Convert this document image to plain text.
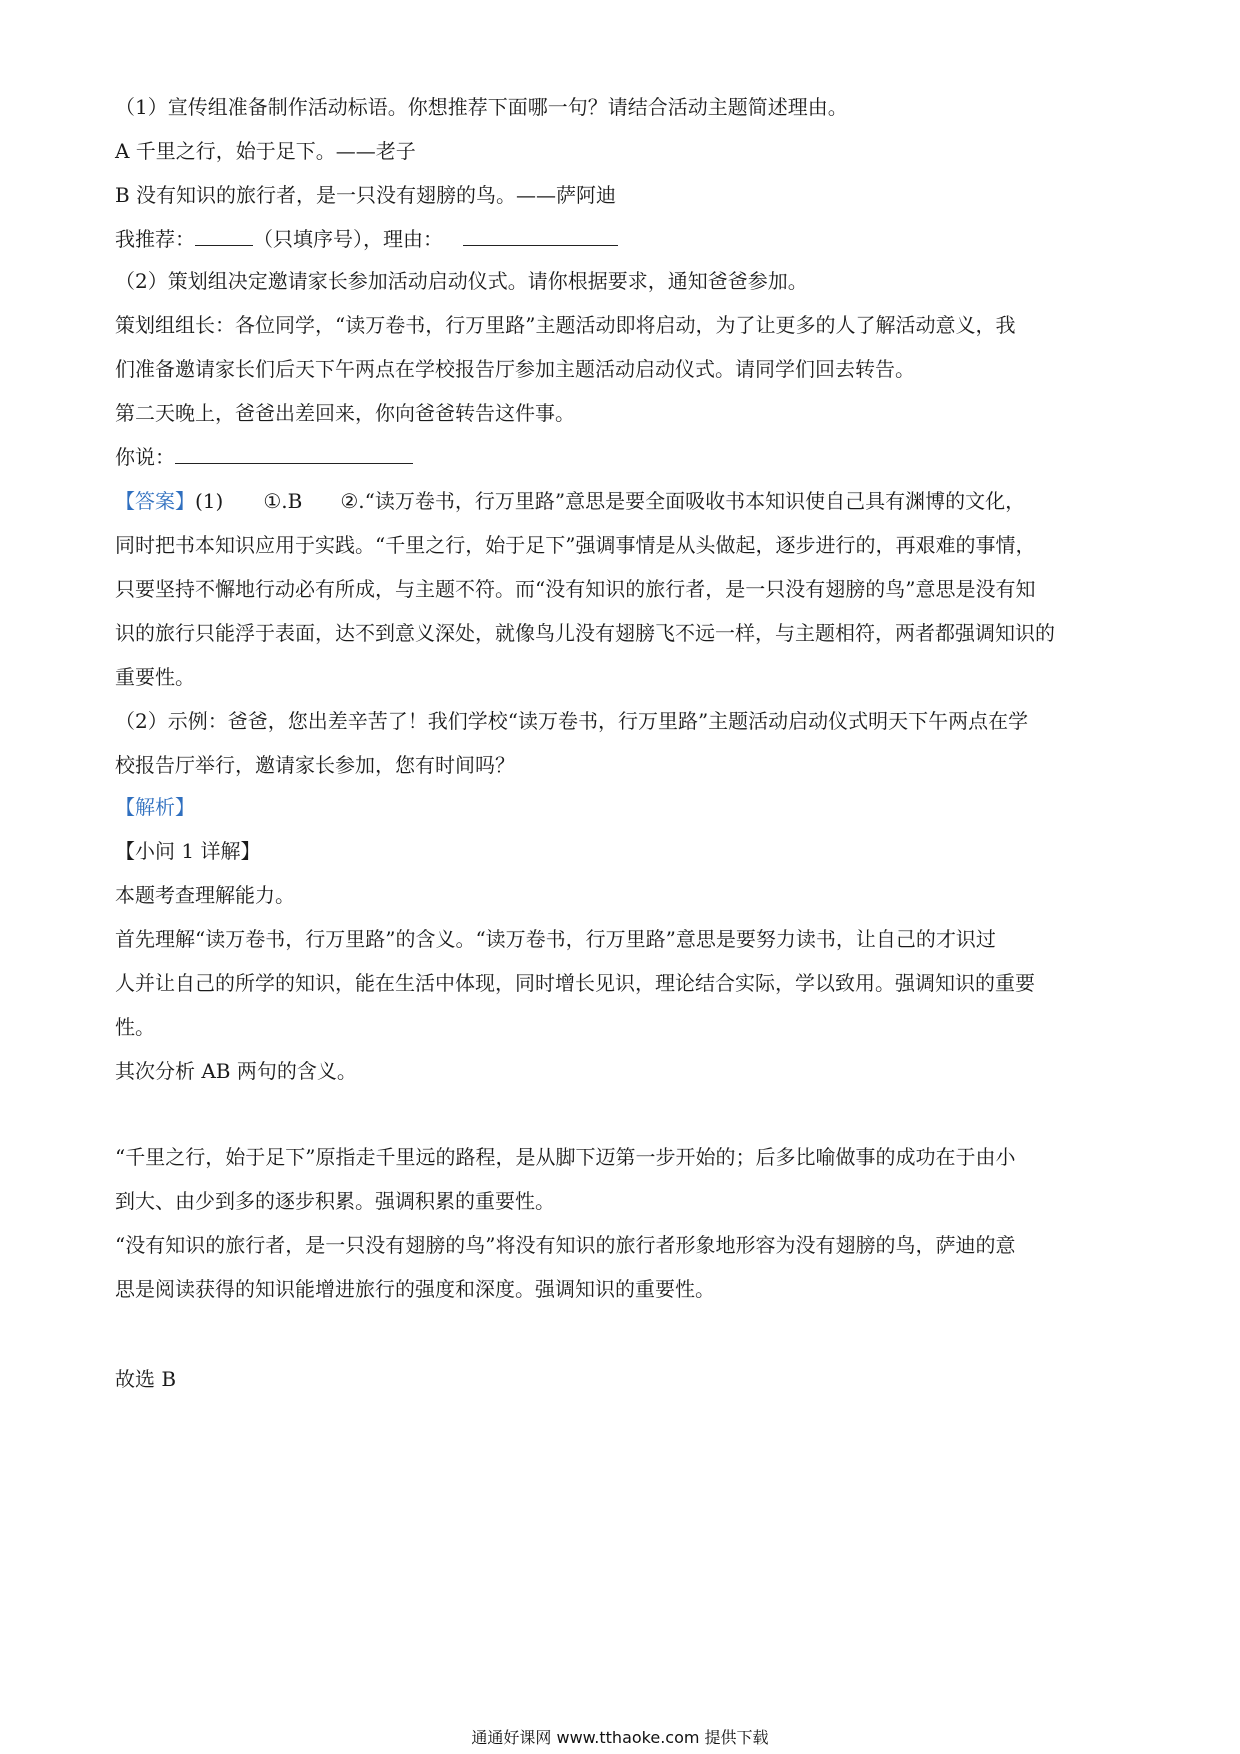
（1）宣传组准备制作活动标语。你想推荐下面哪一句？请结合活动主题简述理由。
A 千里之行，始于足下。——老子
B 没有知识的旅行者，是一只没有翅膀的鸟。——萨阿迪
我推荐：	（只填序号），理由：
（2）策划组决定邀请家长参加活动启动仪式。请你根据要求，通知爸爸参加。
策划组组长：各位同学，“读万卷书，行万里路”主题活动即将启动，为了让更多的人了解活动意义，我
们准备邀请家长们后天下午两点在学校报告厅参加主题活动启动仪式。请同学们回去转告。
第二天晚上，爸爸出差回来，你向爸爸转告这件事。
你说：
【答案】(1) ①.B ②.“读万卷书，行万里路”意思是要全面吸收书本知识使自己具有渊博的文化，
同时把书本知识应用于实践。“千里之行，始于足下”强调事情是从头做起，逐步进行的，再艰难的事情，
只要坚持不懈地行动必有所成，与主题不符。而“没有知识的旅行者，是一只没有翅膀的鸟”意思是没有知
识的旅行只能浮于表面，达不到意义深处，就像鸟儿没有翅膀飞不远一样，与主题相符，两者都强调知识的
重要性。
（2）示例：爸爸，您出差辛苦了！我们学校“读万卷书，行万里路”主题活动启动仪式明天下午两点在学
校报告厅举行，邀请家长参加，您有时间吗？
【解析】
【小问 1 详解】
本题考查理解能力。
首先理解“读万卷书，行万里路”的含义。“读万卷书，行万里路”意思是要努力读书，让自己的才识过
人并让自己的所学的知识，能在生活中体现，同时增长见识，理论结合实际，学以致用。强调知识的重要
性。
其次分析 AB 两句的含义。
“千里之行，始于足下”原指走千里远的路程，是从脚下迈第一步开始的；后多比喻做事的成功在于由小
到大、由少到多的逐步积累。强调积累的重要性。
“没有知识的旅行者，是一只没有翅膀的鸟”将没有知识的旅行者形象地形容为没有翅膀的鸟，萨迪的意
思是阅读获得的知识能增进旅行的强度和深度。强调知识的重要性。
故选 B
通通好课网 www.tthaoke.com 提供下载
